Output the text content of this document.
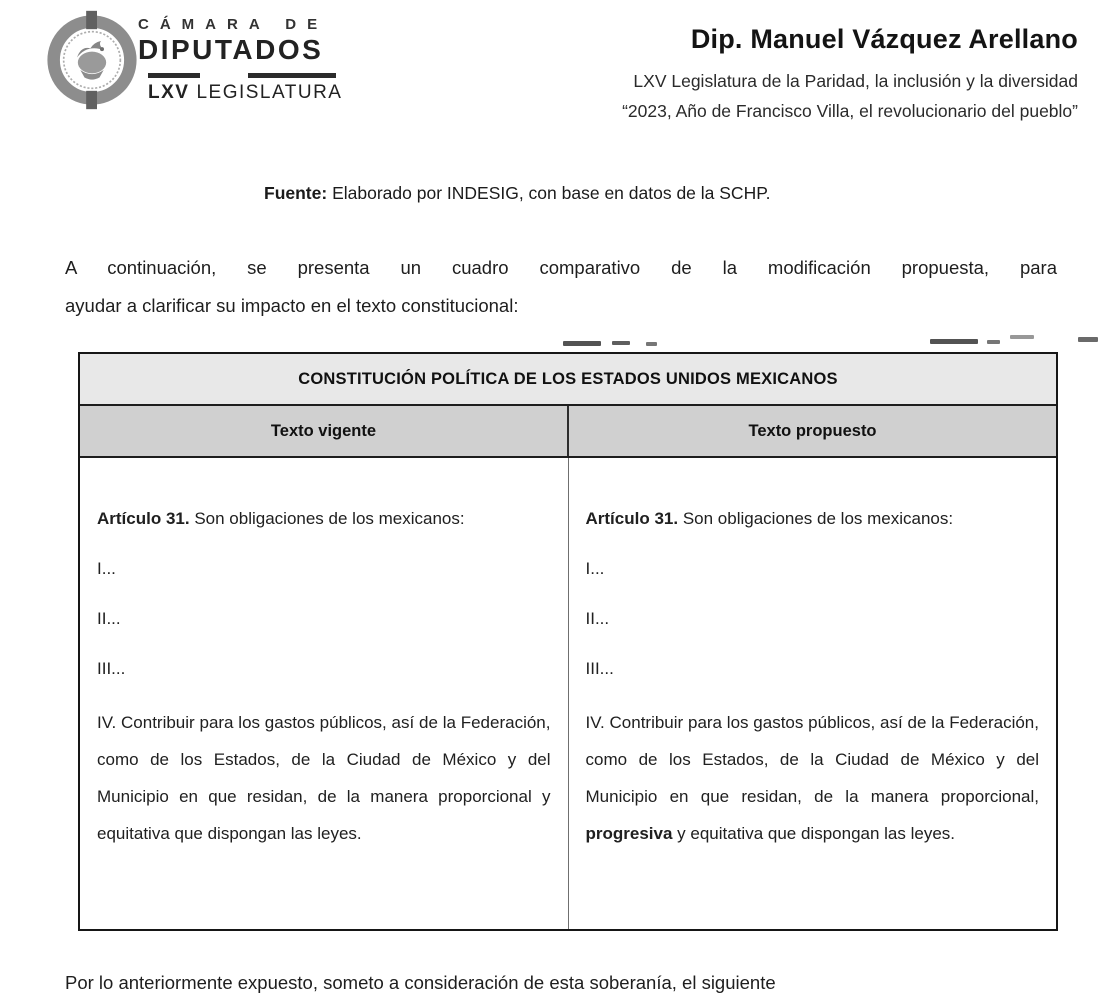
CÁMARA DE
DIPUTADOS
LXV LEGISLATURA
Dip. Manuel Vázquez Arellano
LXV Legislatura de la Paridad, la inclusión y la diversidad
“2023, Año de Francisco Villa, el revolucionario del pueblo”
Fuente: Elaborado por INDESIG, con base en datos de la SCHP.
A continuación, se presenta un cuadro comparativo de la modificación propuesta, para
ayudar a clarificar su impacto en el texto constitucional:
CONSTITUCIÓN POLÍTICA DE LOS ESTADOS UNIDOS MEXICANOS
Texto vigente	Texto propuesto

Artículo 31. Son obligaciones de los mexicanos:

I...

II...

III...

IV. Contribuir para los gastos públicos, así de la Federación, como de los Estados, de la Ciudad de México y del Municipio en que residan, de la manera proporcional y equitativa que dispongan las leyes.

Artículo 31. Son obligaciones de los mexicanos:

I...

II...

III...

IV. Contribuir para los gastos públicos, así de la Federación, como de los Estados, de la Ciudad de México y del Municipio en que residan, de la manera proporcional, progresiva y equitativa que dispongan las leyes.

Por lo anteriormente expuesto, someto a consideración de esta soberanía, el siguiente
